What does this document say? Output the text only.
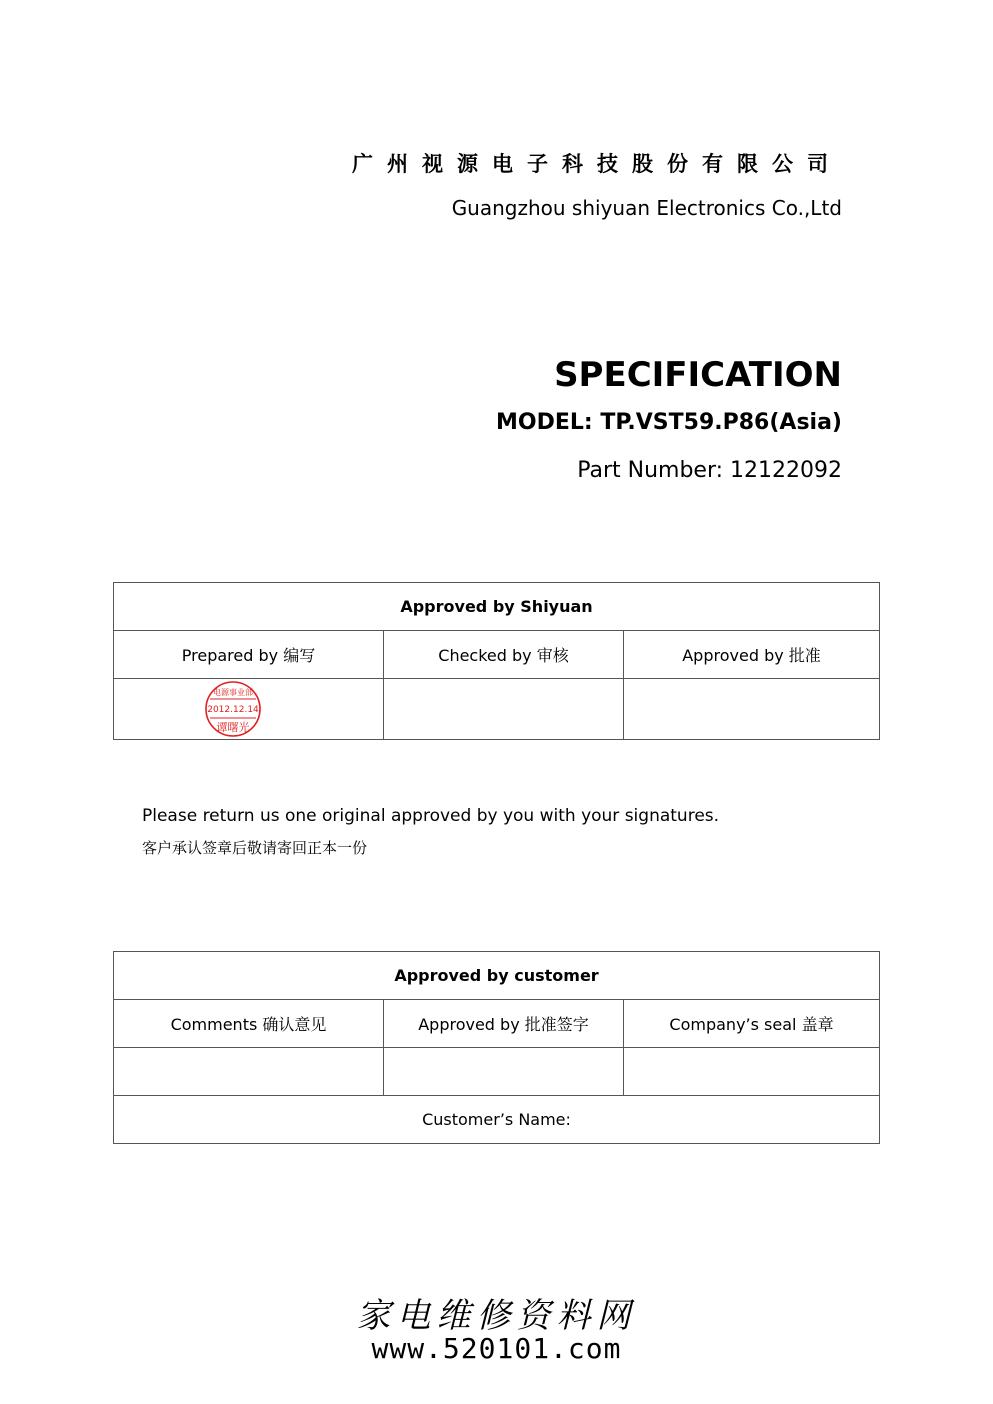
广州视源电子科技股份有限公司
Guangzhou shiyuan Electronics Co.,Ltd
SPECIFICATION
MODEL: TP.VST59.P86(Asia)
Part Number: 12122092
Approved by Shiyuan		
Prepared by 编写	Checked by 审核	Approved by 批准

电源事业部
2012.12.14
谭曙光		

Please return us one original approved by you with your signatures.
客户承认签章后敬请寄回正本一份
Approved by customer		
Comments 确认意见	Approved by 批准签字	Company’s seal 盖章

Customer’s Name:		
家电维修资料网
www.520101.com
